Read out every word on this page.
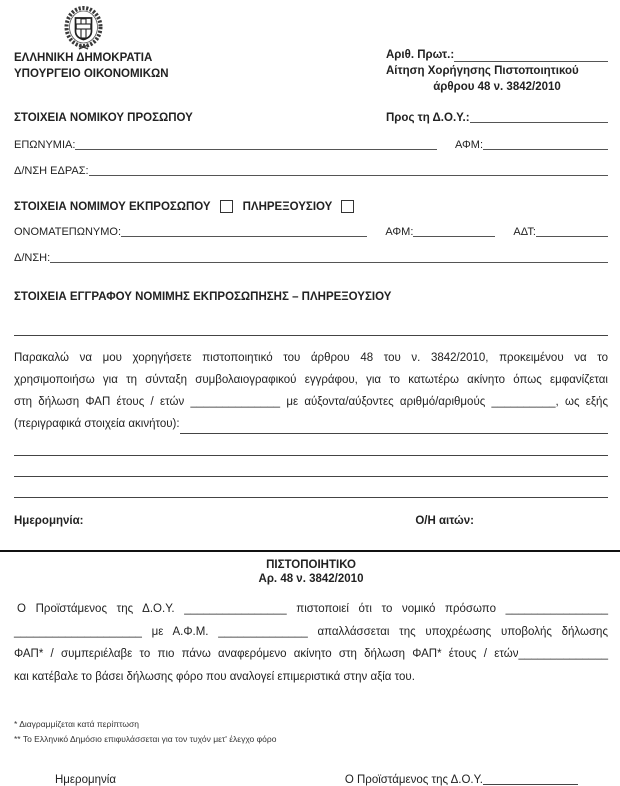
ΕΛΛΗΝΙΚΗ ΔΗΜΟΚΡΑΤΙΑ
ΥΠΟΥΡΓΕΙΟ ΟΙΚΟΝΟΜΙΚΩΝ
Αριθ. Πρωτ.:
Αίτηση Χορήγησης Πιστοποιητικού
άρθρου 48 ν. 3842/2010
ΣΤΟΙΧΕΙΑ ΝΟΜΙΚΟΥ ΠΡΟΣΩΠΟΥ	Προς τη Δ.Ο.Υ.:
ΕΠΩΝΥΜΙΑ:	ΑΦΜ:
Δ/ΝΣΗ ΕΔΡΑΣ:
ΣΤΟΙΧΕΙΑ ΝΟΜΙΜΟΥ ΕΚΠΡΟΣΩΠΟΥ	ΠΛΗΡΕΞΟΥΣΙΟΥ
ΟΝΟΜΑΤΕΠΩΝΥΜΟ:	ΑΦΜ:	ΑΔΤ:
Δ/ΝΣΗ:
ΣΤΟΙΧΕΙΑ ΕΓΓΡΑΦΟΥ ΝΟΜΙΜΗΣ ΕΚΠΡΟΣΩΠΗΣΗΣ – ΠΛΗΡΕΞΟΥΣΙΟΥ
Παρακαλώ να μου χορηγήσετε πιστοποιητικό του άρθρου 48 του ν. 3842/2010, προκειμένου να το
χρησιμοποιήσω για τη σύνταξη συμβολαιογραφικού εγγράφου, για το κατωτέρω ακίνητο όπως εμφανίζεται
στη δήλωση ΦΑΠ έτους / ετών ______________ με αύξοντα/αύξοντες αριθμό/αριθμούς __________, ως εξής
(περιγραφικά στοιχεία ακινήτου):
Ημερομηνία:	Ο/Η αιτών:
ΠΙΣΤΟΠΟΙΗΤΙΚΟ
Αρ. 48 ν. 3842/2010
Ο Προϊστάμενος της Δ.Ο.Υ. ________________ πιστοποιεί ότι το νομικό πρόσωπο ________________
____________________ με Α.Φ.Μ. ______________ απαλλάσσεται της υποχρέωσης υποβολής δήλωσης
ΦΑΠ* / συμπεριέλαβε το πιο πάνω αναφερόμενο ακίνητο στη δήλωση ΦΑΠ* έτους / ετών______________
και κατέβαλε το βάσει δήλωσης φόρο που αναλογεί επιμεριστικά στην αξία του.
* Διαγραμμίζεται κατά περίπτωση
** Το Ελληνικό Δημόσιο επιφυλάσσεται για τον τυχόν μετ' έλεγχο φόρο
Ημερομηνία	Ο Προϊστάμενος της Δ.Ο.Υ.
